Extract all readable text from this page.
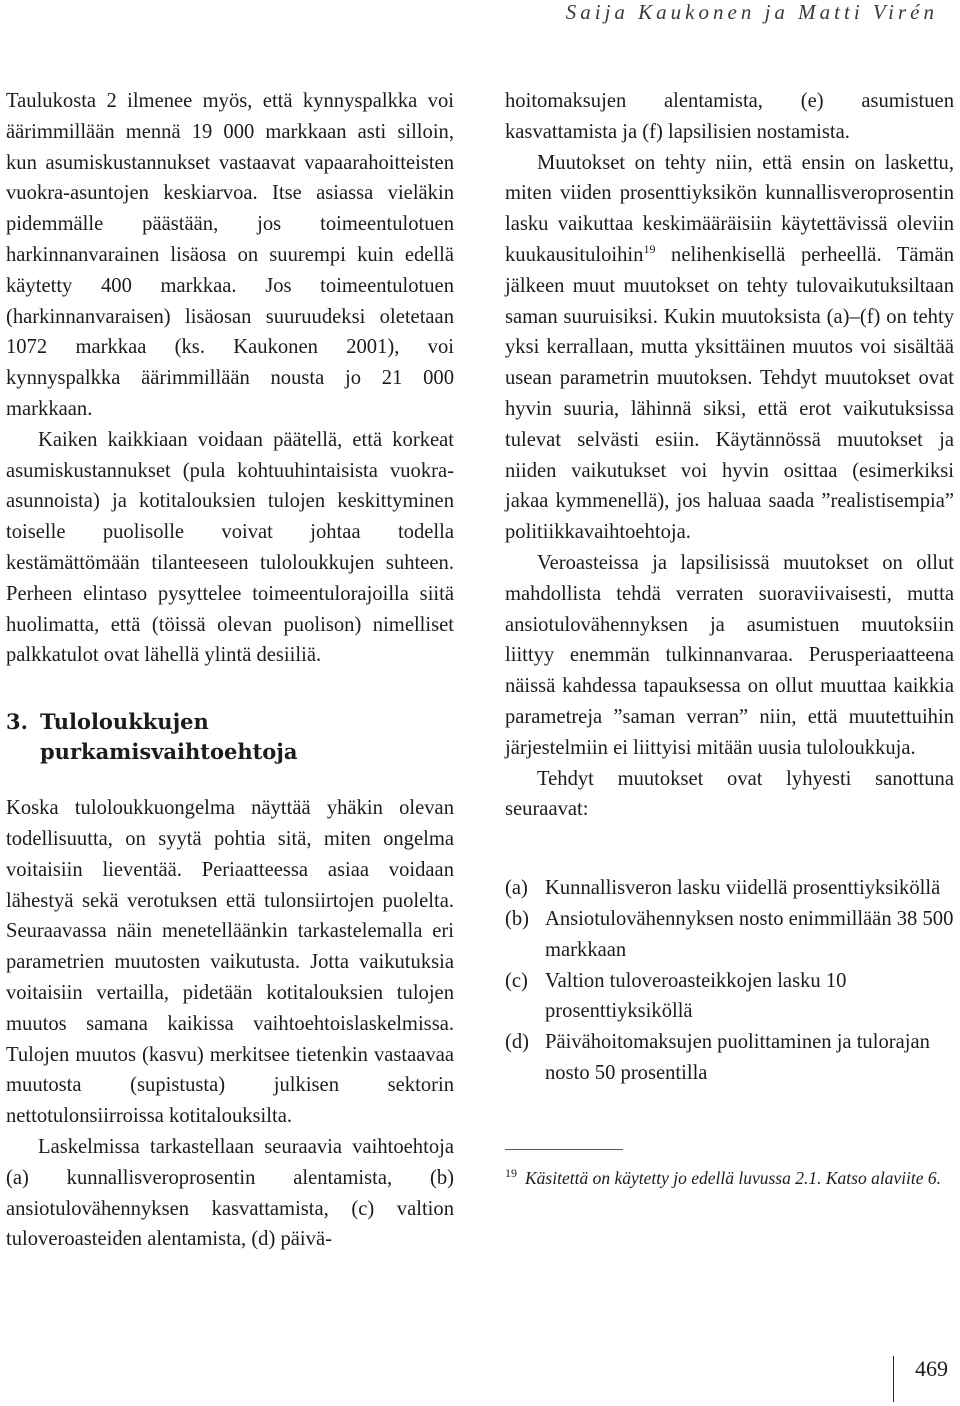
Saija Kaukonen ja Matti Virén

Taulukosta 2 ilmenee myös, että kynnyspalkka voi äärimmillään mennä 19 000 markkaan asti silloin, kun asumiskustannukset vastaavat vapaarahoitteisten vuokra-asuntojen keskiarvoa. Itse asiassa vieläkin pidemmälle päästään, jos toimeentulotuen harkinnanvarainen lisäosa on suurempi kuin edellä käytetty 400 markkaa. Jos toimeentulotuen (harkinnanvaraisen) lisäosan suuruudeksi oletetaan 1072 markkaa (ks. Kaukonen 2001), voi kynnyspalkka äärimmillään nousta jo 21 000 markkaan.

Kaiken kaikkiaan voidaan päätellä, että korkeat asumiskustannukset (pula kohtuuhintaisista vuokra-asunnoista) ja kotitalouksien tulojen keskittyminen toiselle puolisolle voivat johtaa todella kestämättömään tilanteeseen tuloloukkujen suhteen. Perheen elintaso pysyttelee toimeentulorajoilla siitä huolimatta, että (töissä olevan puolison) nimelliset palkkatulot ovat lähellä ylintä desiiliä.

3. Tuloloukkujen purkamisvaihtoehtoja

Koska tuloloukkuongelma näyttää yhäkin olevan todellisuutta, on syytä pohtia sitä, miten ongelma voitaisiin lieventää. Periaatteessa asiaa voidaan lähestyä sekä verotuksen että tulonsiirtojen puolelta. Seuraavassa näin menetelläänkin tarkastelemalla eri parametrien muutosten vaikutusta. Jotta vaikutuksia voitaisiin vertailla, pidetään kotitalouksien tulojen muutos samana kaikissa vaihtoehtoislaskelmissa. Tulojen muutos (kasvu) merkitsee tietenkin vastaavaa muutosta (supistusta) julkisen sektorin nettotulonsiirroissa kotitalouksilta.

Laskelmissa tarkastellaan seuraavia vaihtoehtoja (a) kunnallisveroprosentin alentamista, (b) ansiotulovähennyksen kasvattamista, (c) valtion tuloveroasteiden alentamista, (d) päivä-

hoitomaksujen alentamista, (e) asumistuen kasvattamista ja (f) lapsilisien nostamista.

Muutokset on tehty niin, että ensin on laskettu, miten viiden prosenttiyksikön kunnallisveroprosentin lasku vaikuttaa keskimääräisiin käytettävissä oleviin kuukausituloihin$^{19}$ nelihenkisellä perheellä. Tämän jälkeen muut muutokset on tehty tulovaikutuksiltaan saman suuruisiksi. Kukin muutoksista (a)–(f) on tehty yksi kerrallaan, mutta yksittäinen muutos voi sisältää usean parametrin muutoksen. Tehdyt muutokset ovat hyvin suuria, lähinnä siksi, että erot vaikutuksissa tulevat selvästi esiin. Käytännössä muutokset ja niiden vaikutukset voi hyvin osittaa (esimerkiksi jakaa kymmenellä), jos haluaa saada ”realistisempia” politiikkavaihtoehtoja.

Veroasteissa ja lapsilisissä muutokset on ollut mahdollista tehdä verraten suoraviivaisesti, mutta ansiotulovähennyksen ja asumistuen muutoksiin liittyy enemmän tulkinnanvaraa. Perusperiaatteena näissä kahdessa tapauksessa on ollut muuttaa kaikkia parametreja ”saman verran” niin, että muutettuihin järjestelmiin ei liittyisi mitään uusia tuloloukkuja.

Tehdyt muutokset ovat lyhyesti sanottuna seuraavat:

(a) Kunnallisveron lasku viidellä prosenttiyksiköllä
(b) Ansiotulovähennyksen nosto enimmillään 38 500 markkaan
(c) Valtion tuloveroasteikkojen lasku 10 prosenttiyksiköllä
(d) Päivähoitomaksujen puolittaminen ja tulorajan nosto 50 prosentilla
$^{19}$ Käsitettä on käytetty jo edellä luvussa 2.1. Katso alaviite 6.
469
